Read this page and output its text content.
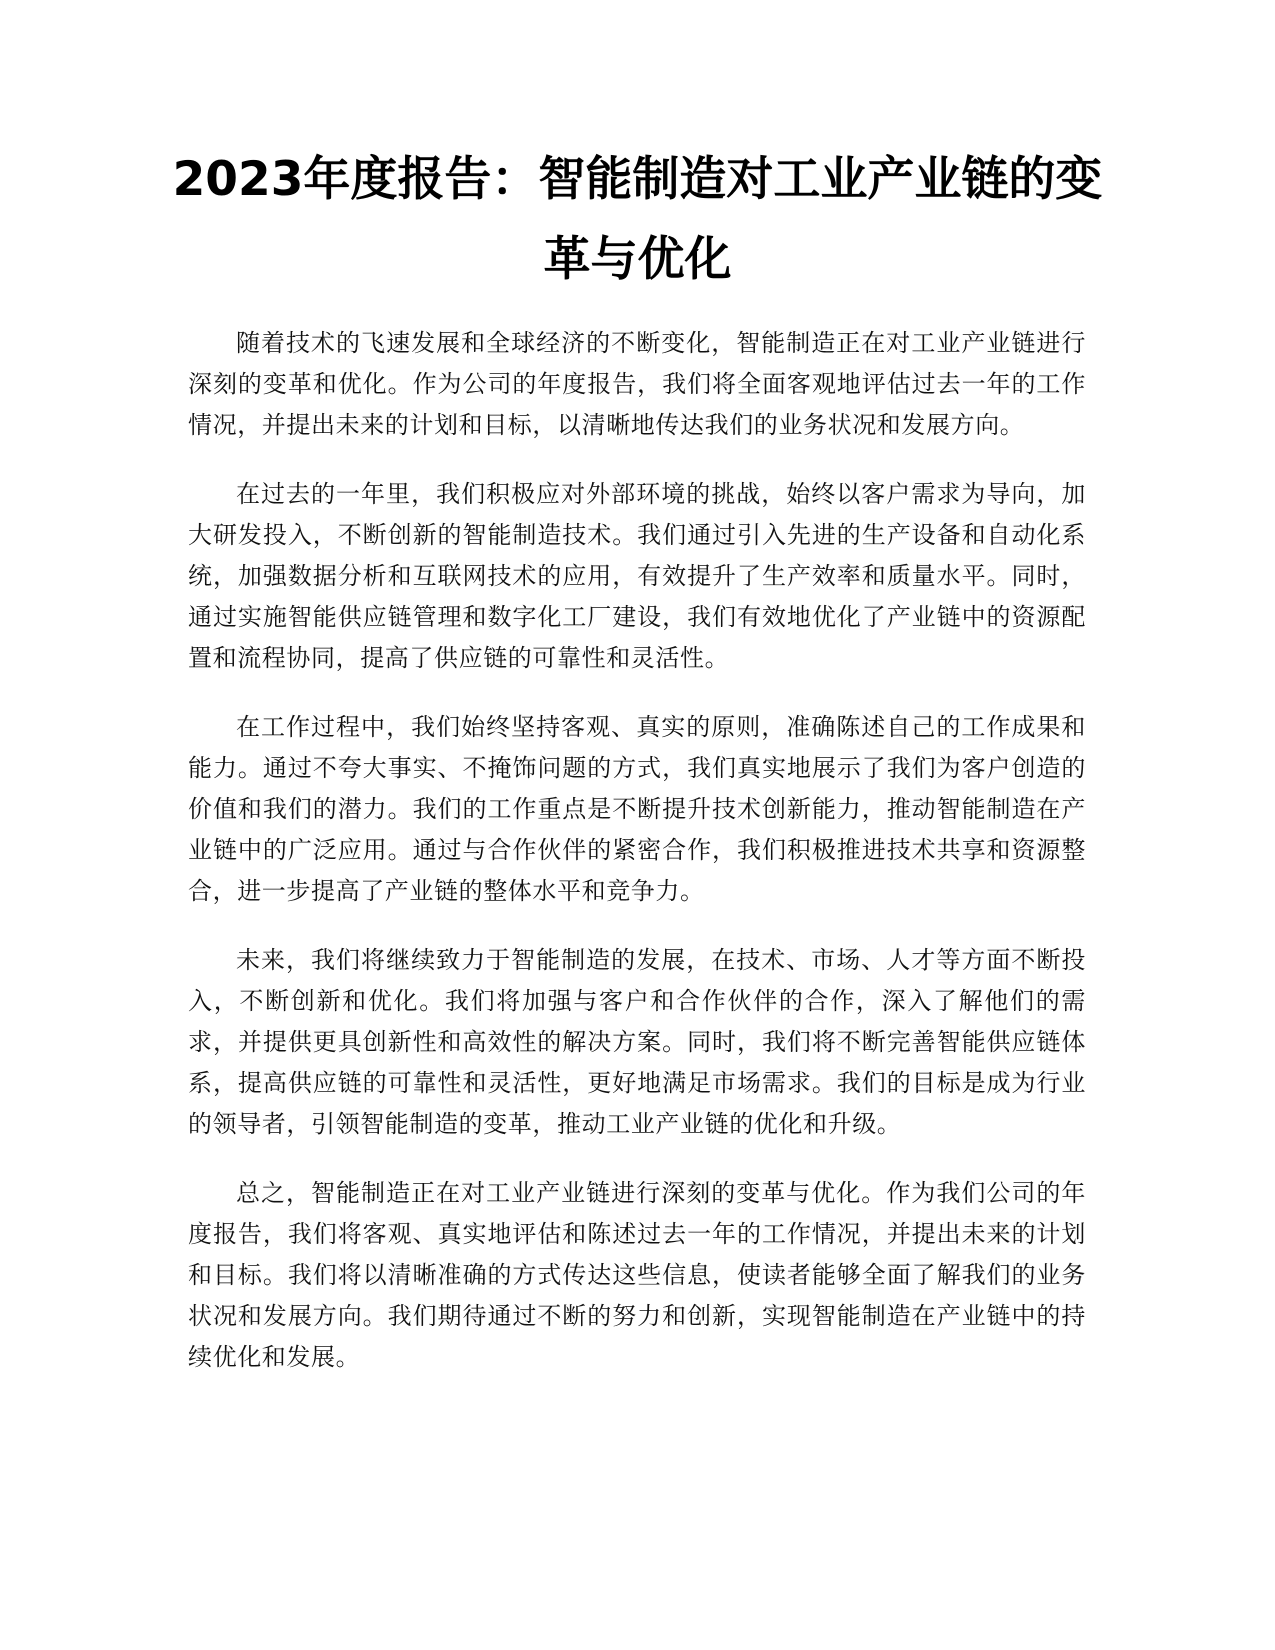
2023年度报告：智能制造对工业产业链的变革与优化

随着技术的飞速发展和全球经济的不断变化，智能制造正在对工业产业链进行深刻的变革和优化。作为公司的年度报告，我们将全面客观地评估过去一年的工作情况，并提出未来的计划和目标，以清晰地传达我们的业务状况和发展方向。

在过去的一年里，我们积极应对外部环境的挑战，始终以客户需求为导向，加大研发投入，不断创新的智能制造技术。我们通过引入先进的生产设备和自动化系统，加强数据分析和互联网技术的应用，有效提升了生产效率和质量水平。同时，通过实施智能供应链管理和数字化工厂建设，我们有效地优化了产业链中的资源配置和流程协同，提高了供应链的可靠性和灵活性。

在工作过程中，我们始终坚持客观、真实的原则，准确陈述自己的工作成果和能力。通过不夸大事实、不掩饰问题的方式，我们真实地展示了我们为客户创造的价值和我们的潜力。我们的工作重点是不断提升技术创新能力，推动智能制造在产业链中的广泛应用。通过与合作伙伴的紧密合作，我们积极推进技术共享和资源整合，进一步提高了产业链的整体水平和竞争力。

未来，我们将继续致力于智能制造的发展，在技术、市场、人才等方面不断投入，不断创新和优化。我们将加强与客户和合作伙伴的合作，深入了解他们的需求，并提供更具创新性和高效性的解决方案。同时，我们将不断完善智能供应链体系，提高供应链的可靠性和灵活性，更好地满足市场需求。我们的目标是成为行业的领导者，引领智能制造的变革，推动工业产业链的优化和升级。

总之，智能制造正在对工业产业链进行深刻的变革与优化。作为我们公司的年度报告，我们将客观、真实地评估和陈述过去一年的工作情况，并提出未来的计划和目标。我们将以清晰准确的方式传达这些信息，使读者能够全面了解我们的业务状况和发展方向。我们期待通过不断的努力和创新，实现智能制造在产业链中的持续优化和发展。
